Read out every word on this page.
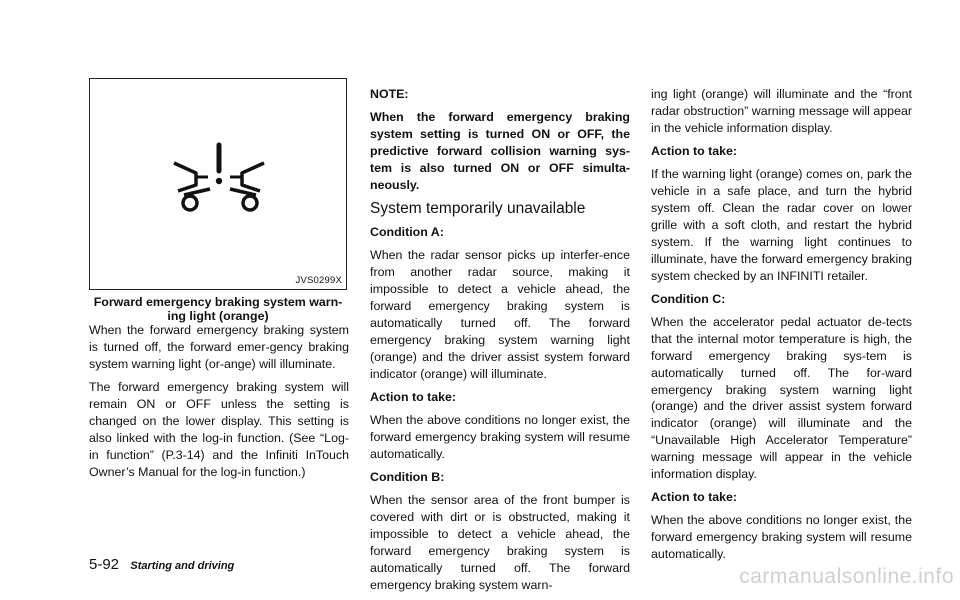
JVS0299X
Forward emergency braking system warn-ing light (orange)

When the forward emergency braking system is turned off, the forward emer-gency braking system warning light (or-ange) will illuminate.

The forward emergency braking system will remain ON or OFF unless the setting is changed on the lower display. This setting is also linked with the log-in function. (See “Log-in function” (P.3-14) and the Infiniti InTouch Owner’s Manual for the log-in function.)

NOTE:

When the forward emergency braking system setting is turned ON or OFF, the predictive forward collision warning sys-tem is also turned ON or OFF simulta-neously.

System temporarily unavailable

Condition A:

When the radar sensor picks up interfer-ence from another radar source, making it impossible to detect a vehicle ahead, the forward emergency braking system is automatically turned off. The forward emergency braking system warning light (orange) and the driver assist system forward indicator (orange) will illuminate.

Action to take:

When the above conditions no longer exist, the forward emergency braking system will resume automatically.

Condition B:

When the sensor area of the front bumper is covered with dirt or is obstructed, making it impossible to detect a vehicle ahead, the forward emergency braking system is automatically turned off. The forward emergency braking system warn-

ing light (orange) will illuminate and the “front radar obstruction” warning message will appear in the vehicle information display.

Action to take:

If the warning light (orange) comes on, park the vehicle in a safe place, and turn the hybrid system off. Clean the radar cover on lower grille with a soft cloth, and restart the hybrid system. If the warning light continues to illuminate, have the forward emergency braking system checked by an INFINITI retailer.

Condition C:

When the accelerator pedal actuator de-tects that the internal motor temperature is high, the forward emergency braking sys-tem is automatically turned off. The for-ward emergency braking system warning light (orange) and the driver assist system forward indicator (orange) will illuminate and the “Unavailable High Accelerator Temperature” warning message will appear in the vehicle information display.

Action to take:

When the above conditions no longer exist, the forward emergency braking system will resume automatically.

5-92 Starting and driving	carmanualsonline.info
